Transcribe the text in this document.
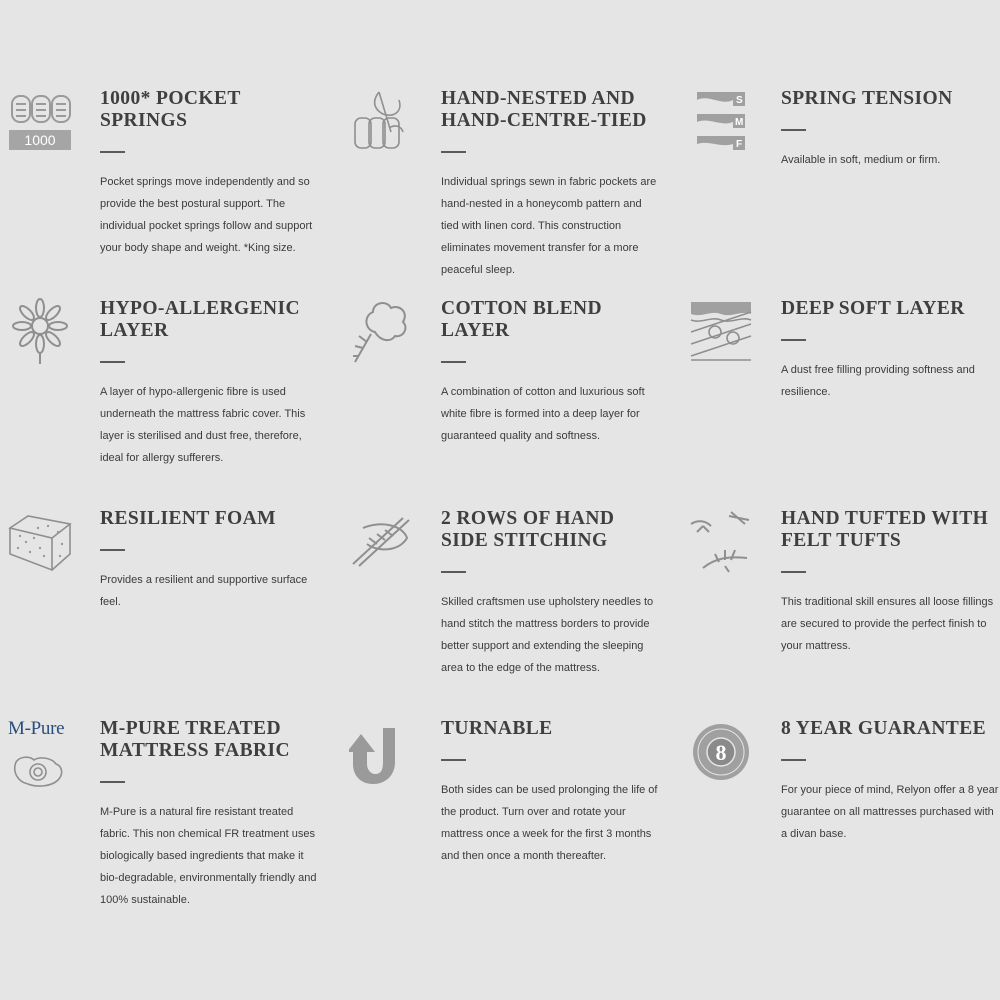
1000
1000* POCKET
SPRINGS

Pocket springs move independently and so provide the best postural support. The individual pocket springs follow and support your body shape and weight. *King size.

HAND-NESTED AND
HAND-CENTRE-TIED

Individual springs sewn in fabric pockets are hand-nested in a honeycomb pattern and tied with linen cord. This construction eliminates movement transfer for a more peaceful sleep.

S
M
F
SPRING TENSION

Available in soft, medium or firm.

HYPO-ALLERGENIC
LAYER

A layer of hypo-allergenic fibre is used underneath the mattress fabric cover. This layer is sterilised and dust free, therefore, ideal for allergy sufferers.

COTTON BLEND
LAYER

A combination of cotton and luxurious soft white fibre is formed into a deep layer for guaranteed quality and softness.

DEEP SOFT LAYER

A dust free filling providing softness and resilience.

RESILIENT FOAM

Provides a resilient and supportive surface feel.

2 ROWS OF HAND
SIDE STITCHING

Skilled craftsmen use upholstery needles to hand stitch the mattress borders to provide better support and extending the sleeping area to the edge of the mattress.

HAND TUFTED WITH
FELT TUFTS

This traditional skill ensures all loose fillings are secured to provide the perfect finish to your mattress.

M-Pure M-PURE TREATED
MATTRESS FABRIC

M-Pure is a natural fire resistant treated fabric. This non chemical FR treatment uses biologically based ingredients that make it bio-degradable, environmentally friendly and 100% sustainable.

TURNABLE

Both sides can be used prolonging the life of the product. Turn over and rotate your mattress once a week for the first 3 months and then once a month thereafter.

8
8 YEAR GUARANTEE

For your piece of mind, Relyon offer a 8 year guarantee on all mattresses purchased with a divan base.
